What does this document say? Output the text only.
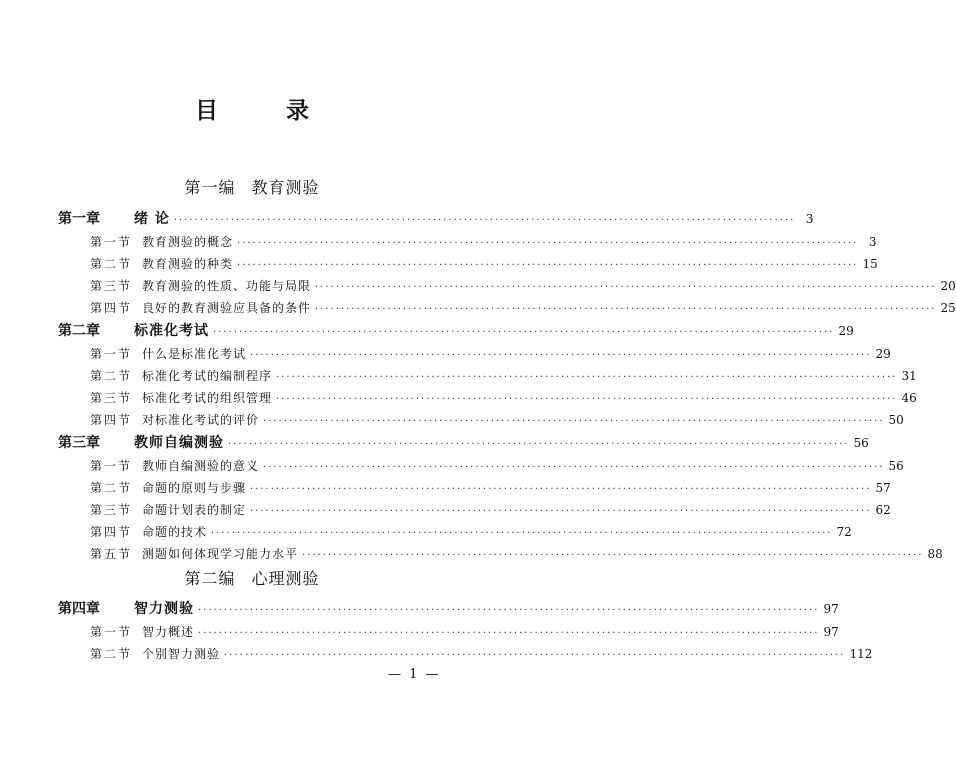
目 录
第一编 教育测验
第一章	绪 论 ························································································································ 3
第一节 教育测验的概念 ························································································································ 3
第二节 教育测验的种类 ························································································································ 15
第三节 教育测验的性质、功能与局限 ························································································································ 20
第四节 良好的教育测验应具备的条件 ························································································································ 25
第二章	标准化考试 ························································································································ 29
第一节 什么是标准化考试 ························································································································ 29
第二节 标准化考试的编制程序 ························································································································ 31
第三节 标准化考试的组织管理 ························································································································ 46
第四节 对标准化考试的评价 ························································································································ 50
第三章	教师自编测验 ························································································································ 56
第一节 教师自编测验的意义 ························································································································ 56
第二节 命题的原则与步骤 ························································································································ 57
第三节 命题计划表的制定 ························································································································ 62
第四节 命题的技术 ························································································································ 72
第五节 测题如何体现学习能力水平 ························································································································ 88
第二编 心理测验
第四章	智力测验 ························································································································ 97
第一节 智力概述 ························································································································ 97
第二节 个别智力测验 ························································································································ 112
— 1 —
